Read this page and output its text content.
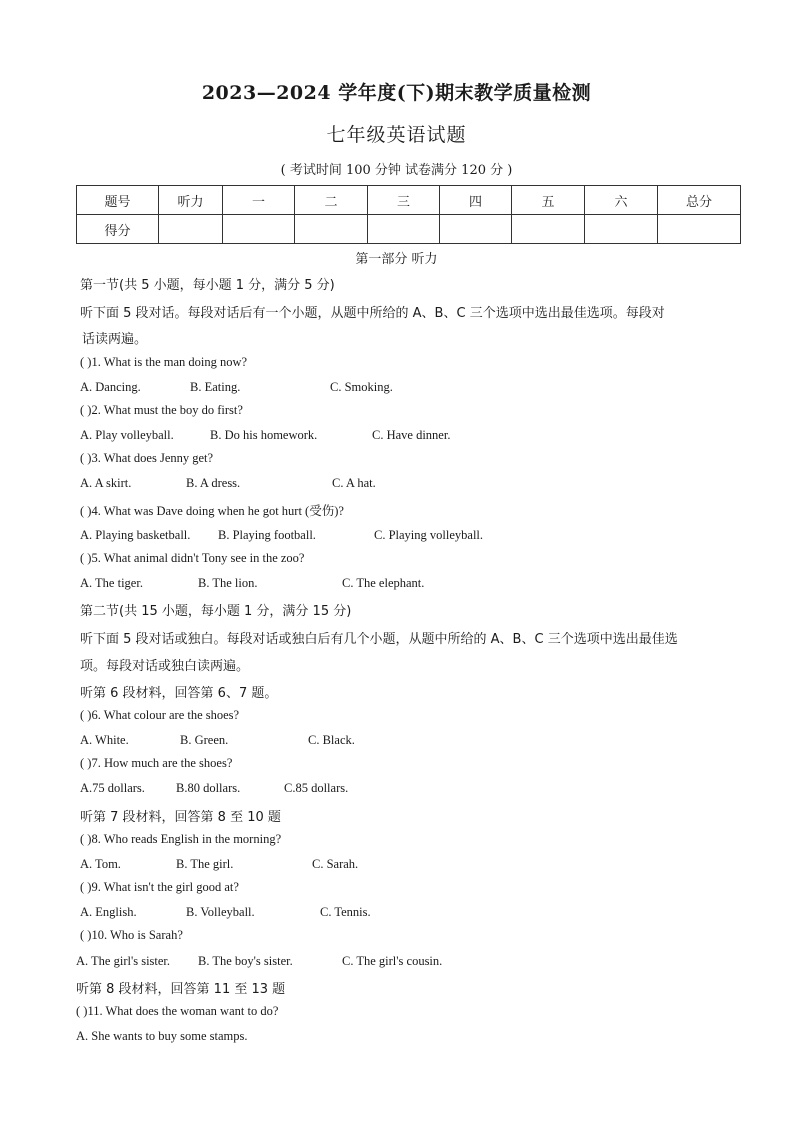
2023—2024 学年度(下)期末教学质量检测
七年级英语试题
( 考试时间 100 分钟 试卷满分 120 分 )
题号	听力	一	二	三	四	五	六	总分
得分								
第一部分 听力
第一节(共 5 小题，每小题 1 分，满分 5 分)
听下面 5 段对话。每段对话后有一个小题，从题中所给的 A、B、C 三个选项中选出最佳选项。每段对
话读两遍。
( )1. What is the man doing now?
A. Dancing.	B. Eating.	C. Smoking.
( )2. What must the boy do first?
A. Play volleyball.	B. Do his homework.	C. Have dinner.
( )3. What does Jenny get?
A. A skirt.	B. A dress.	C. A hat.
( )4. What was Dave doing when he got hurt (受伤)?
A. Playing basketball. B. Playing football.	C. Playing volleyball.
( )5. What animal didn't Tony see in the zoo?
A. The tiger.	B. The lion.	C. The elephant.
第二节(共 15 小题，每小题 1 分，满分 15 分)
听下面 5 段对话或独白。每段对话或独白后有几个小题，从题中所给的 A、B、C 三个选项中选出最佳选
项。每段对话或独白读两遍。
听第 6 段材料，回答第 6、7 题。
( )6. What colour are the shoes?
A. White.	B. Green.	C. Black.
( )7. How much are the shoes?
A.75 dollars. B.80 dollars.	C.85 dollars.
听第 7 段材料，回答第 8 至 10 题
( )8. Who reads English in the morning?
A. Tom.	B. The girl.	C. Sarah.
( )9. What isn't the girl good at?
A. English.	B. Volleyball.	C. Tennis.
( )10. Who is Sarah?
A. The girl's sister. B. The boy's sister.	C. The girl's cousin.
听第 8 段材料，回答第 11 至 13 题
( )11. What does the woman want to do?
A. She wants to buy some stamps.
